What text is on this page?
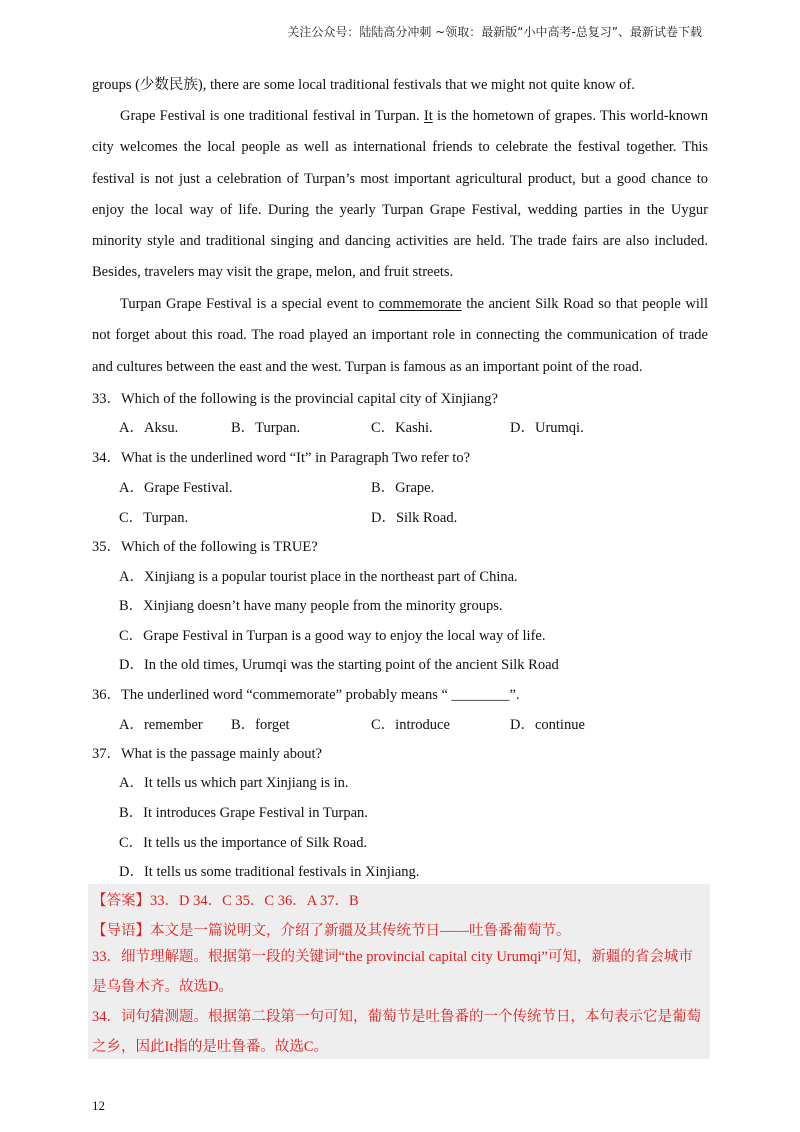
关注公众号：陆陆高分冲刺 ~领取：最新版“小中高考-总复习”、最新试卷下载
groups (少数民族), there are some local traditional festivals that we might not quite know of.
Grape Festival is one traditional festival in Turpan. It is the hometown of grapes. This world-known city welcomes the local people as well as international friends to celebrate the festival together. This festival is not just a celebration of Turpan’s most important agricultural product, but a good chance to enjoy the local way of life. During the yearly Turpan Grape Festival, wedding parties in the Uygur minority style and traditional singing and dancing activities are held. The trade fairs are also included. Besides, travelers may visit the grape, melon, and fruit streets.
Turpan Grape Festival is a special event to commemorate the ancient Silk Road so that people will not forget about this road. The road played an important role in connecting the communication of trade and cultures between the east and the west. Turpan is famous as an important point of the road.
33．Which of the following is the provincial capital city of Xinjiang?
A．Aksu.	B．Turpan.	C．Kashi.	D．Urumqi.
34．What is the underlined word “It” in Paragraph Two refer to?
A．Grape Festival.	B．Grape.
C．Turpan.	D．Silk Road.
35．Which of the following is TRUE?
A．Xinjiang is a popular tourist place in the northeast part of China.
B．Xinjiang doesn’t have many people from the minority groups.
C．Grape Festival in Turpan is a good way to enjoy the local way of life.
D．In the old times, Urumqi was the starting point of the ancient Silk Road
36．The underlined word “commemorate” probably means “ ________”.
A．remember B．forget	C．introduce	D．continue
37．What is the passage mainly about?
A．It tells us which part Xinjiang is in.
B．It introduces Grape Festival in Turpan.
C．It tells us the importance of Silk Road.
D．It tells us some traditional festivals in Xinjiang.
【答案】33．D 34．C 35．C 36．A 37．B
【导语】本文是一篇说明文，介绍了新疆及其传统节日——吐鲁番葡萄节。
33．细节理解题。根据第一段的关键词“the provincial capital city Urumqi”可知，新疆的省会城市是乌鲁木齐。故选D。
34．词句猜测题。根据第二段第一句可知，葡萄节是吐鲁番的一个传统节日，本句表示它是葡萄之乡，因此It指的是吐鲁番。故选C。
12
